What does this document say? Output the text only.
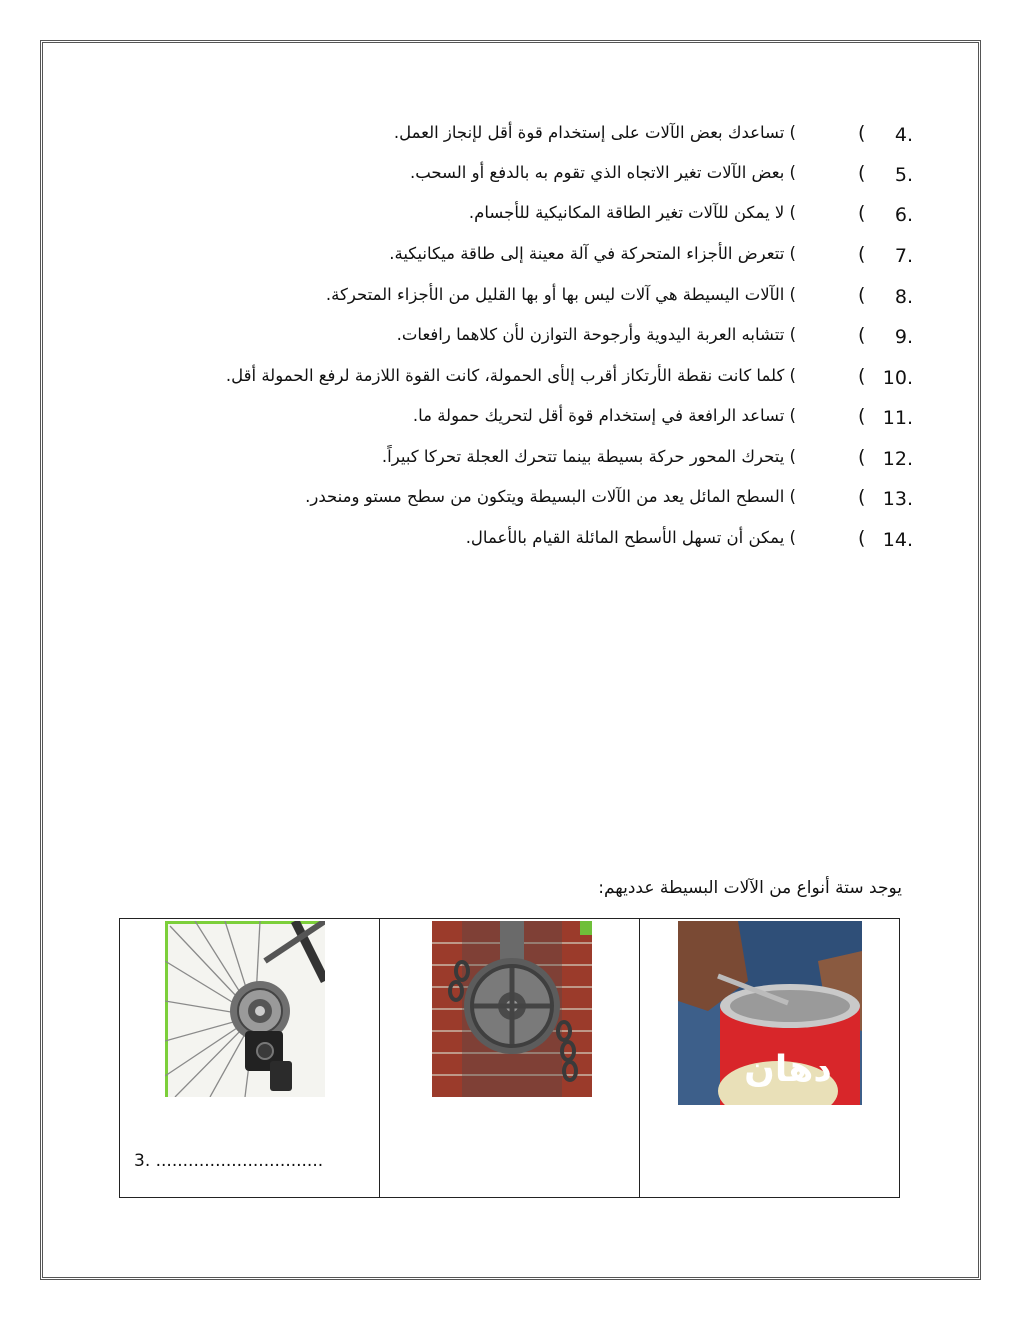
4.
(
) تساعدك بعض الآلات على إستخدام قوة أقل لإنجاز العمل.
5.
(
) بعض الآلات تغير الاتجاه الذي تقوم به بالدفع أو السحب.
6.
(
) لا يمكن للآلات تغير الطاقة المكانيكية للأجسام.
7.
(
) تتعرض الأجزاء المتحركة في آلة معينة إلى طاقة ميكانيكية.
8.
(
) الآلات اليسيطة هي آلات ليس بها أو بها القليل من الأجزاء المتحركة.
9.
(
) تتشابه العربة اليدوية وأرجوحة التوازن لأن كلاهما رافعات.
10.
(
) كلما كانت نقطة الأرتكاز أقرب إلأى الحمولة، كانت القوة اللازمة لرفع الحمولة أقل.
11.
(
) تساعد الرافعة في إستخدام قوة أقل لتحريك حمولة ما.
12.
(
) يتحرك المحور حركة بسيطة بينما تتحرك العجلة تحركا كبيراً.
13.
(
) السطح المائل يعد من الآلات البسيطة ويتكون من سطح مستو ومنحدر.
14.
(
) يمكن أن تسهل الأسطح المائلة القيام بالأعمال.
يوجد ستة أنواع من الآلات البسيطة عدديهم:
3. ...............................
دهان
